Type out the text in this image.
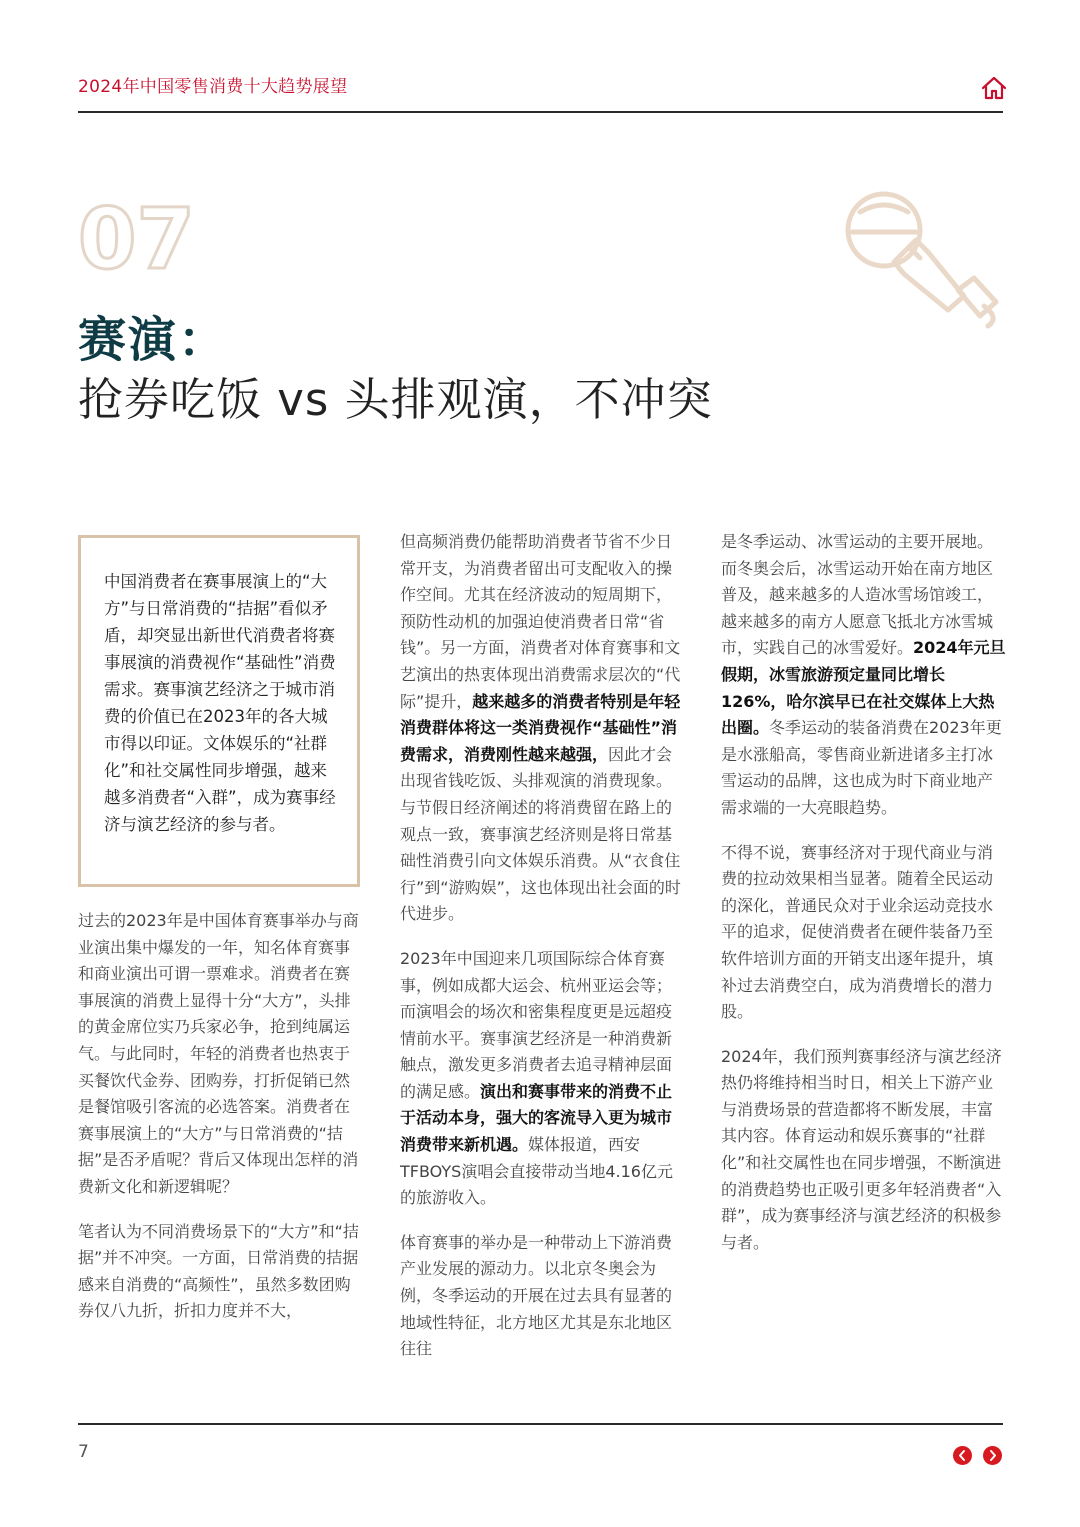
2024年中国零售消费十大趋势展望
07
赛演：
抢券吃饭 vs 头排观演，不冲突
中国消费者在赛事展演上的“大方”与日常消费的“拮据”看似矛盾，却突显出新世代消费者将赛事展演的消费视作“基础性”消费需求。赛事演艺经济之于城市消费的价值已在2023年的各大城市得以印证。文体娱乐的“社群化”和社交属性同步增强，越来越多消费者“入群”，成为赛事经济与演艺经济的参与者。

过去的2023年是中国体育赛事举办与商业演出集中爆发的一年，知名体育赛事和商业演出可谓一票难求。消费者在赛事展演的消费上显得十分“大方”，头排的黄金席位实乃兵家必争，抢到纯属运气。与此同时，年轻的消费者也热衷于买餐饮代金券、团购券，打折促销已然是餐馆吸引客流的必选答案。消费者在赛事展演上的“大方”与日常消费的“拮据”是否矛盾呢？背后又体现出怎样的消费新文化和新逻辑呢？

笔者认为不同消费场景下的“大方”和“拮据”并不冲突。一方面，日常消费的拮据感来自消费的“高频性”，虽然多数团购券仅八九折，折扣力度并不大，

但高频消费仍能帮助消费者节省不少日常开支，为消费者留出可支配收入的操作空间。尤其在经济波动的短周期下，预防性动机的加强迫使消费者日常“省钱”。另一方面，消费者对体育赛事和文艺演出的热衷体现出消费需求层次的“代际”提升，越来越多的消费者特别是年轻消费群体将这一类消费视作“基础性”消费需求，消费刚性越来越强，因此才会出现省钱吃饭、头排观演的消费现象。与节假日经济阐述的将消费留在路上的观点一致，赛事演艺经济则是将日常基础性消费引向文体娱乐消费。从“衣食住行”到“游购娱”，这也体现出社会面的时代进步。

2023年中国迎来几项国际综合体育赛事，例如成都大运会、杭州亚运会等；而演唱会的场次和密集程度更是远超疫情前水平。赛事演艺经济是一种消费新触点，激发更多消费者去追寻精神层面的满足感。演出和赛事带来的消费不止于活动本身，强大的客流导入更为城市消费带来新机遇。媒体报道，西安TFBOYS演唱会直接带动当地4.16亿元的旅游收入。

体育赛事的举办是一种带动上下游消费产业发展的源动力。以北京冬奥会为例，冬季运动的开展在过去具有显著的地域性特征，北方地区尤其是东北地区往往

是冬季运动、冰雪运动的主要开展地。而冬奥会后，冰雪运动开始在南方地区普及，越来越多的人造冰雪场馆竣工，越来越多的南方人愿意飞抵北方冰雪城市，实践自己的冰雪爱好。2024年元旦假期，冰雪旅游预定量同比增长126%，哈尔滨早已在社交媒体上大热出圈。冬季运动的装备消费在2023年更是水涨船高，零售商业新进诸多主打冰雪运动的品牌，这也成为时下商业地产需求端的一大亮眼趋势。

不得不说，赛事经济对于现代商业与消费的拉动效果相当显著。随着全民运动的深化，普通民众对于业余运动竞技水平的追求，促使消费者在硬件装备乃至软件培训方面的开销支出逐年提升，填补过去消费空白，成为消费增长的潜力股。

2024年，我们预判赛事经济与演艺经济热仍将维持相当时日，相关上下游产业与消费场景的营造都将不断发展，丰富其内容。体育运动和娱乐赛事的“社群化”和社交属性也在同步增强，不断演进的消费趋势也正吸引更多年轻消费者“入群”，成为赛事经济与演艺经济的积极参与者。

7
